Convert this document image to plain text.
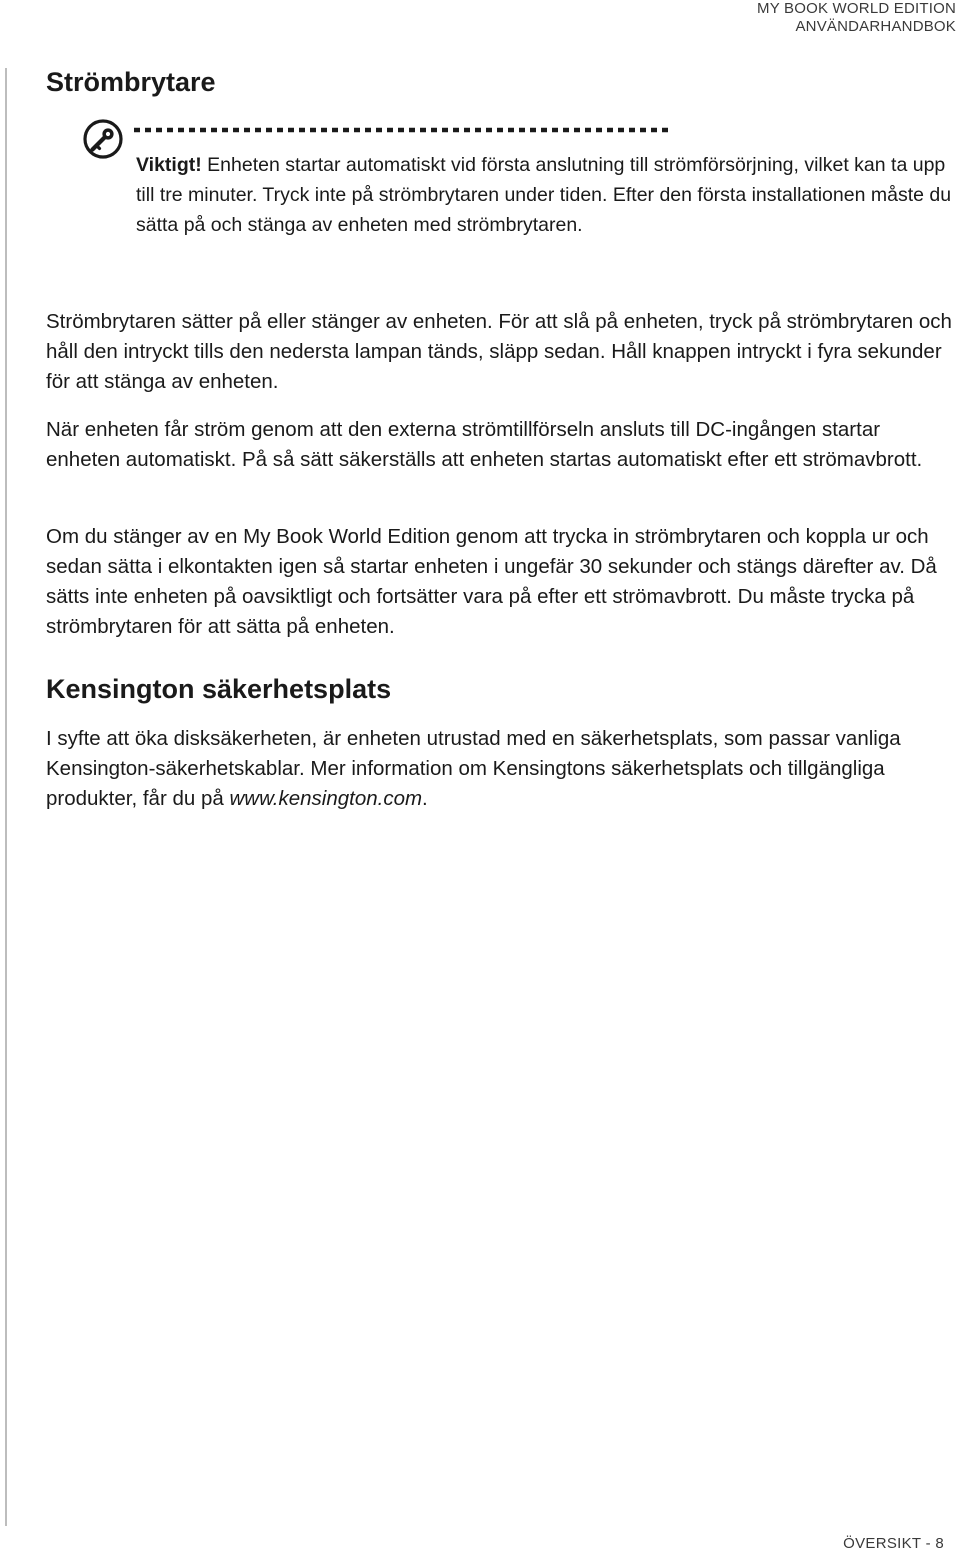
MY BOOK WORLD EDITION
ANVÄNDARHANDBOK
Strömbrytare
Viktigt! Enheten startar automatiskt vid första anslutning till strömförsörjning, vilket kan ta upp till tre minuter. Tryck inte på strömbrytaren under tiden. Efter den första installationen måste du sätta på och stänga av enheten med strömbrytaren.

Strömbrytaren sätter på eller stänger av enheten. För att slå på enheten, tryck på strömbrytaren och håll den intryckt tills den nedersta lampan tänds, släpp sedan. Håll knappen intryckt i fyra sekunder för att stänga av enheten.

När enheten får ström genom att den externa strömtillförseln ansluts till DC-ingången startar enheten automatiskt. På så sätt säkerställs att enheten startas automatiskt efter ett strömavbrott.

Om du stänger av en My Book World Edition genom att trycka in strömbrytaren och koppla ur och sedan sätta i elkontakten igen så startar enheten i ungefär 30 sekunder och stängs därefter av. Då sätts inte enheten på oavsiktligt och fortsätter vara på efter ett strömavbrott. Du måste trycka på strömbrytaren för att sätta på enheten.

Kensington säkerhetsplats

I syfte att öka disksäkerheten, är enheten utrustad med en säkerhetsplats, som passar vanliga Kensington-säkerhetskablar. Mer information om Kensingtons säkerhetsplats och tillgängliga produkter, får du på www.kensington.com.

ÖVERSIKT - 8
